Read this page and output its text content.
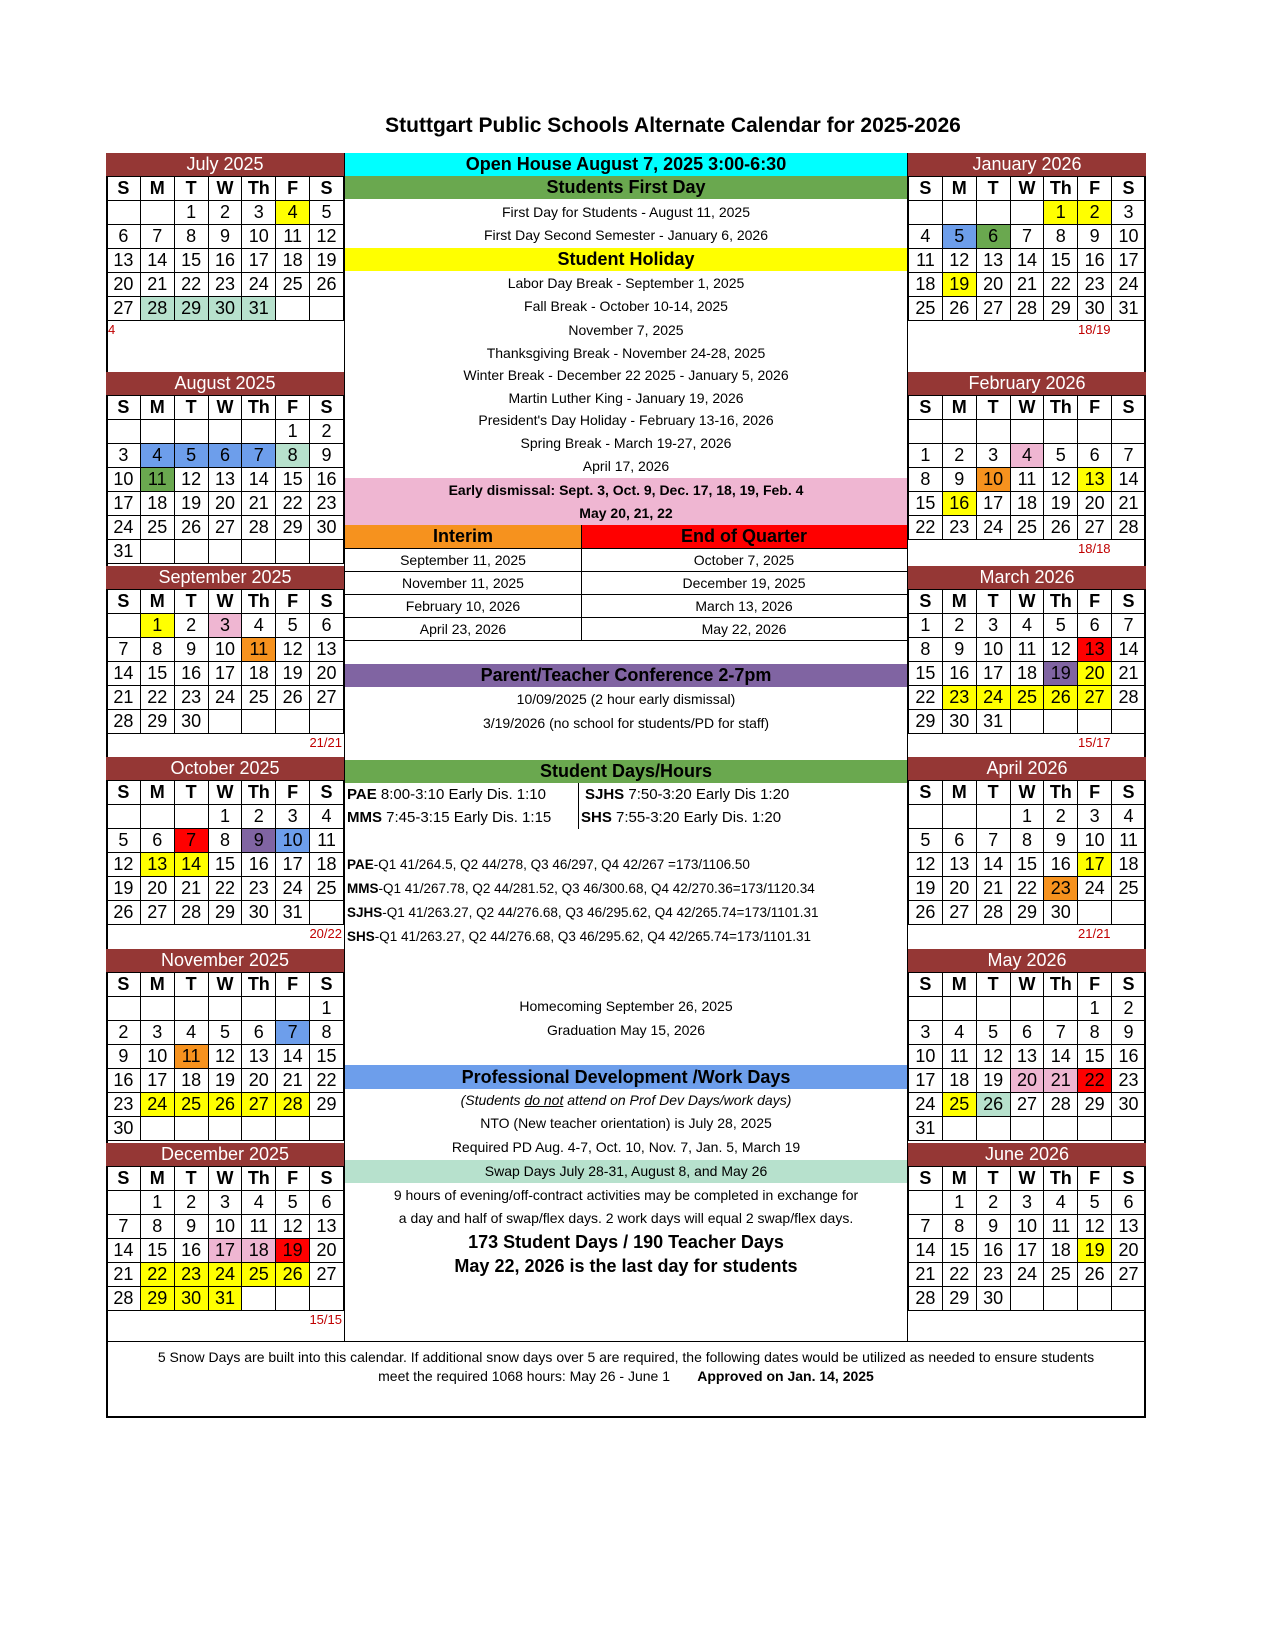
Stuttgart Public Schools Alternate Calendar for 2025-2026
July 2025
S	M	T	W	Th	F	S
		1	2	3	4	5
6	7	8	9	10	11	12
13	14	15	16	17	18	19
20	21	22	23	24	25	26
27	28	29	30	31		
4
August 2025
S	M	T	W	Th	F	S
					1	2
3	4	5	6	7	8	9
10	11	12	13	14	15	16
17	18	19	20	21	22	23
24	25	26	27	28	29	30
31						
September 2025
S	M	T	W	Th	F	S
	1	2	3	4	5	6
7	8	9	10	11	12	13
14	15	16	17	18	19	20
21	22	23	24	25	26	27
28	29	30				
21/21
October 2025
S	M	T	W	Th	F	S
			1	2	3	4
5	6	7	8	9	10	11
12	13	14	15	16	17	18
19	20	21	22	23	24	25
26	27	28	29	30	31	
20/22
November 2025
S	M	T	W	Th	F	S
						1
2	3	4	5	6	7	8
9	10	11	12	13	14	15
16	17	18	19	20	21	22
23	24	25	26	27	28	29
30						
December 2025
S	M	T	W	Th	F	S
	1	2	3	4	5	6
7	8	9	10	11	12	13
14	15	16	17	18	19	20
21	22	23	24	25	26	27
28	29	30	31			
15/15
January 2026
S	M	T	W	Th	F	S
				1	2	3
4	5	6	7	8	9	10
11	12	13	14	15	16	17
18	19	20	21	22	23	24
25	26	27	28	29	30	31
18/19
February 2026
S	M	T	W	Th	F	S

1	2	3	4	5	6	7
8	9	10	11	12	13	14
15	16	17	18	19	20	21
22	23	24	25	26	27	28
18/18
March 2026
S	M	T	W	Th	F	S
1	2	3	4	5	6	7
8	9	10	11	12	13	14
15	16	17	18	19	20	21
22	23	24	25	26	27	28
29	30	31				
15/17
April 2026
S	M	T	W	Th	F	S
			1	2	3	4
5	6	7	8	9	10	11
12	13	14	15	16	17	18
19	20	21	22	23	24	25
26	27	28	29	30		
21/21
May 2026
S	M	T	W	Th	F	S
					1	2
3	4	5	6	7	8	9
10	11	12	13	14	15	16
17	18	19	20	21	22	23
24	25	26	27	28	29	30
31						
June 2026
S	M	T	W	Th	F	S
	1	2	3	4	5	6
7	8	9	10	11	12	13
14	15	16	17	18	19	20
21	22	23	24	25	26	27
28	29	30				
Open House August 7, 2025 3:00-6:30
Students First Day
First Day for Students - August 11, 2025
First Day Second Semester - January 6, 2026
Student Holiday
Labor Day Break - September 1, 2025
Fall Break - October 10-14, 2025
November 7, 2025
Thanksgiving Break - November 24-28, 2025
Winter Break - December 22 2025 - January 5, 2026
Martin Luther King - January 19, 2026
President's Day Holiday - February 13-16, 2026
Spring Break - March 19-27, 2026
April 17, 2026
Early dismissal: Sept. 3, Oct. 9, Dec. 17, 18, 19, Feb. 4
May 20, 21, 22
Interim	End of Quarter
September 11, 2025	October 7, 2025
November 11, 2025	December 19, 2025
February 10, 2026	March 13, 2026
April 23, 2026	May 22, 2026
Parent/Teacher Conference 2-7pm
10/09/2025 (2 hour early dismissal)
3/19/2026 (no school for students/PD for staff)
Student Days/Hours
PAE 8:00-3:10 Early Dis. 1:10	SJHS 7:50-3:20 Early Dis 1:20
MMS 7:45-3:15 Early Dis. 1:15	SHS 7:55-3:20 Early Dis. 1:20
PAE-Q1 41/264.5, Q2 44/278, Q3 46/297, Q4 42/267 =173/1106.50
MMS-Q1 41/267.78, Q2 44/281.52, Q3 46/300.68, Q4 42/270.36=173/1120.34
SJHS-Q1 41/263.27, Q2 44/276.68, Q3 46/295.62, Q4 42/265.74=173/1101.31
SHS-Q1 41/263.27, Q2 44/276.68, Q3 46/295.62, Q4 42/265.74=173/1101.31
Homecoming September 26, 2025
Graduation May 15, 2026
Professional Development /Work Days
(Students do not attend on Prof Dev Days/work days)
NTO (New teacher orientation) is July 28, 2025
Required PD Aug. 4-7, Oct. 10, Nov. 7, Jan. 5, March 19
Swap Days July 28-31, August 8, and May 26
9 hours of evening/off-contract activities may be completed in exchange for
a day and half of swap/flex days. 2 work days will equal 2 swap/flex days.
173 Student Days / 190 Teacher Days
May 22, 2026 is the last day for students
5 Snow Days are built into this calendar. If additional snow days over 5 are required, the following dates would be utilized as needed to ensure students
meet the required 1068 hours: May 26 - June 1 Approved on Jan. 14, 2025
